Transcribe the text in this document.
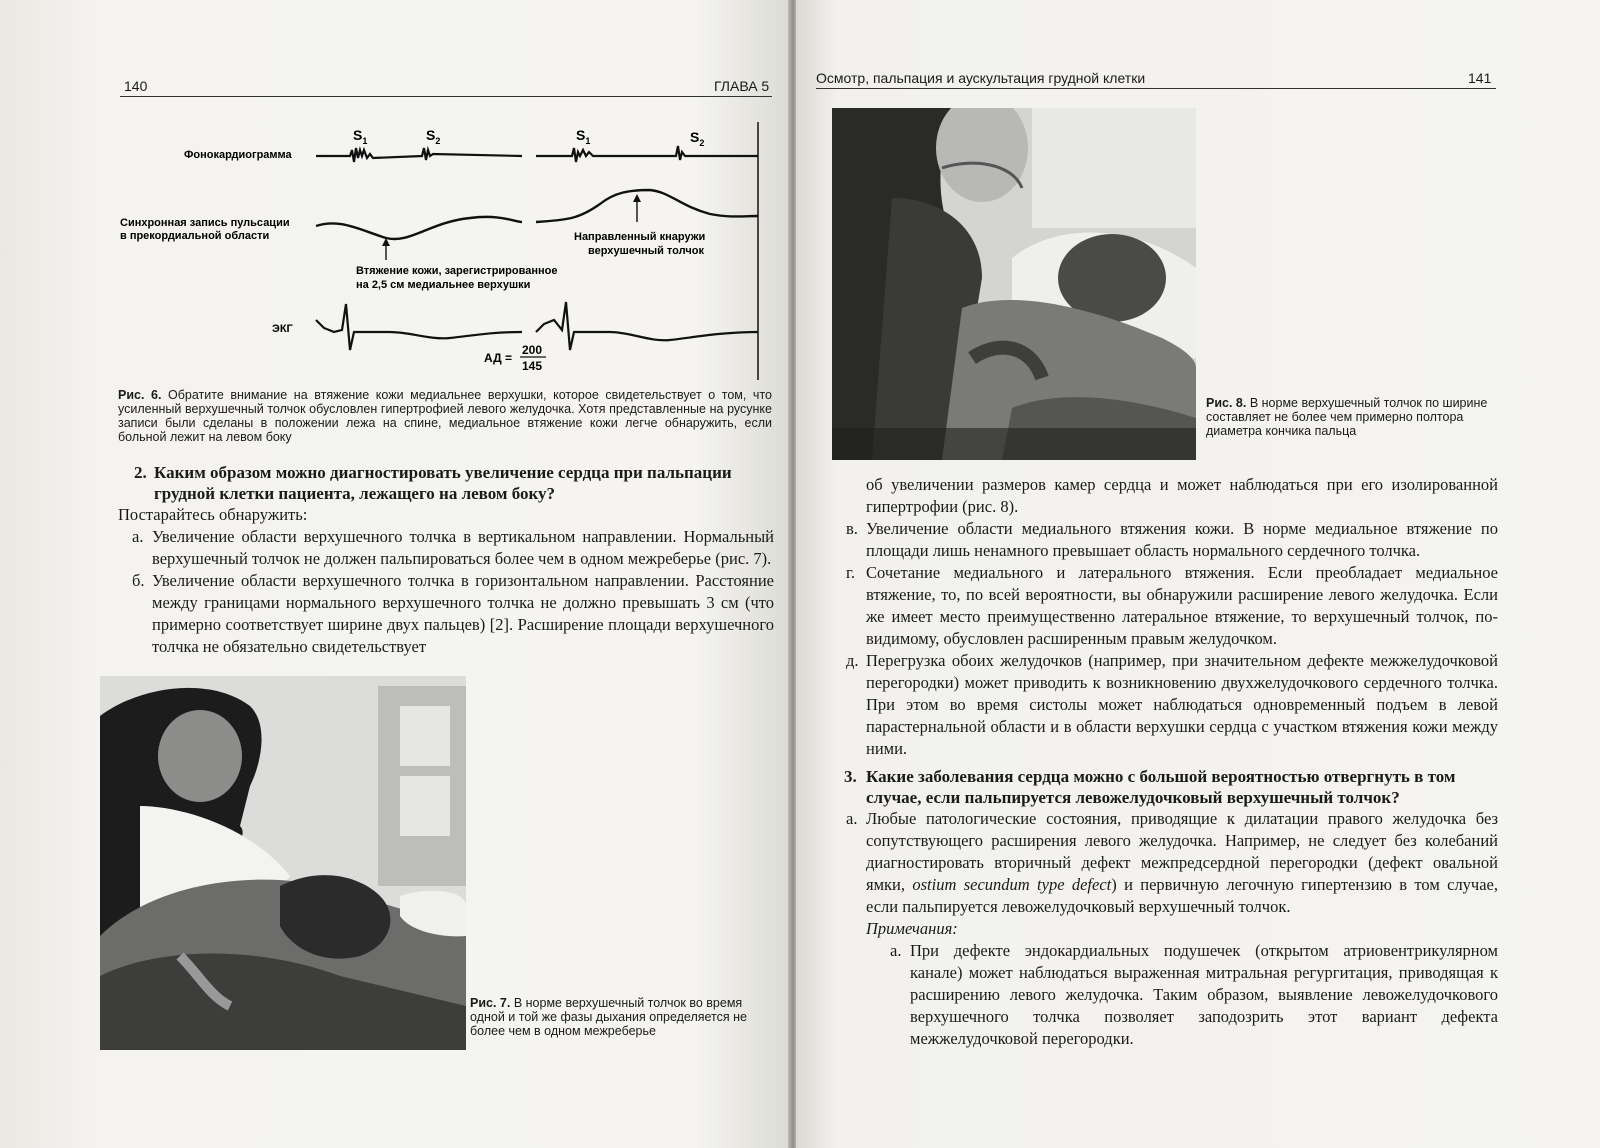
140	ГЛАВА 5
$S_1$	$S_2$	$S_1$	$S_2$
Фонокардиограмма
Синхронная запись пульсации
в прекордиальной области	Направленный кнаружи
верхушечный толчок
Втяжение кожи, зарегистрированное
на 2,5 см медиальнее верхушки
ЭКГ
АД =
200
145
Рис. 6. Обратите внимание на втяжение кожи медиальнее верхушки, которое свидетельствует о том, что усиленный верхушечный толчок обусловлен гипертрофией левого желудочка. Хотя представленные на русунке записи были сделаны в положении лежа на спине, медиальное втяжение кожи легче обнаружить, если больной лежит на левом боку
2. Каким образом можно диагностировать увеличение сердца при пальпации грудной клетки пациента, лежащего на левом боку?
Постарайтесь обнаружить:
а. Увеличение области верхушечного толчка в вертикальном направлении. Нормальный верхушечный толчок не должен пальпироваться более чем в одном межреберье (рис. 7).
б. Увеличение области верхушечного толчка в горизонтальном направлении. Расстояние между границами нормального верхушечного толчка не должно превышать 3 см (что примерно соответствует ширине двух пальцев) [2]. Расширение площади верхушечного толчка не обязательно свидетельствует
Рис. 7. В норме верхушечный толчок во время одной и той же фазы дыхания определяется не более чем в одном межреберье
Осмотр, пальпация и аускультация грудной клетки	141
Рис. 8. В норме верхушечный толчок по ширине составляет не более чем примерно полтора диаметра кончика пальца
об увеличении размеров камер сердца и может наблюдаться при его изолированной гипертрофии (рис. 8).
в. Увеличение области медиального втяжения кожи. В норме медиальное втяжение по площади лишь ненамного превышает область нормального сердечного толчка.
г. Сочетание медиального и латерального втяжения. Если преобладает медиальное втяжение, то, по всей вероятности, вы обнаружили расширение левого желудочка. Если же имеет место преимущественно латеральное втяжение, то верхушечный толчок, по-видимому, обусловлен расширенным правым желудочком.
д. Перегрузка обоих желудочков (например, при значительном дефекте межжелудочковой перегородки) может приводить к возникновению двухжелудочкового сердечного толчка. При этом во время систолы может наблюдаться одновременный подъем в левой парастернальной области и в области верхушки сердца с участком втяжения кожи между ними.
3. Какие заболевания сердца можно с большой вероятностью отвергнуть в том случае, если пальпируется левожелудочковый верхушечный толчок?
а. Любые патологические состояния, приводящие к дилатации правого желудочка без сопутствующего расширения левого желудочка. Например, не следует без колебаний диагностировать вторичный дефект межпредсердной перегородки (дефект овальной ямки, ostium secundum type defect) и первичную легочную гипертензию в том случае, если пальпируется левожелудочковый верхушечный толчок.
Примечания:
а. При дефекте эндокардиальных подушечек (открытом атриовентрикулярном канале) может наблюдаться выраженная митральная регургитация, приводящая к расширению левого желудочка. Таким образом, выявление левожелудочкового верхушечного толчка позволяет заподозрить этот вариант дефекта межжелудочковой перегородки.
